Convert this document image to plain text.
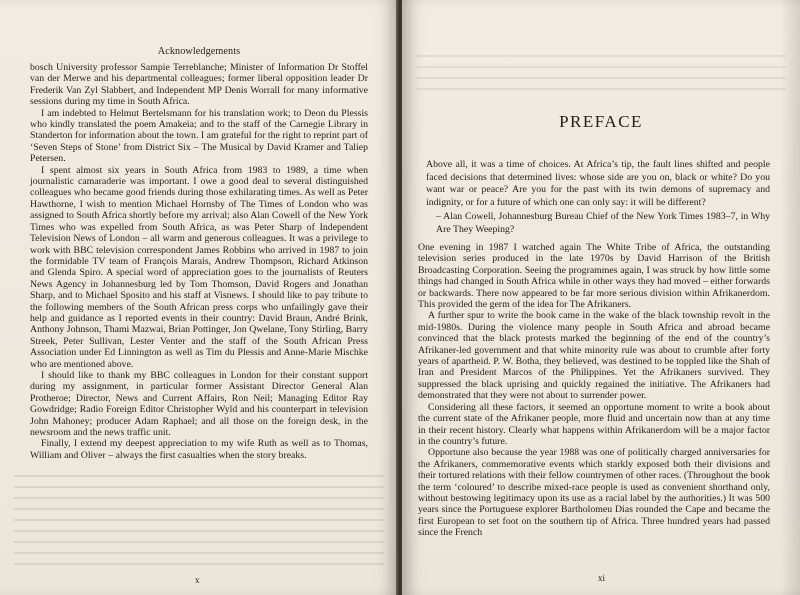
Acknowledgements

bosch University professor Sampie Terreblanche; Minister of Information Dr Stoffel van der Merwe and his departmental colleagues; former liberal opposition leader Dr Frederik Van Zyl Slabbert, and Independent MP Denis Worrall for many informative sessions during my time in South Africa.

I am indebted to Helmut Bertelsmann for his translation work; to Deon du Plessis who kindly translated the poem Amakeia; and to the staff of the Carnegie Library in Standerton for information about the town. I am grateful for the right to reprint part of ‘Seven Steps of Stone’ from District Six – The Musical by David Kramer and Taliep Petersen.

I spent almost six years in South Africa from 1983 to 1989, a time when journalistic camaraderie was important. I owe a good deal to several distinguished colleagues who became good friends during those exhilarating times. As well as Peter Hawthorne, I wish to mention Michael Hornsby of The Times of London who was assigned to South Africa shortly before my arrival; also Alan Cowell of the New York Times who was expelled from South Africa, as was Peter Sharp of Independent Television News of London – all warm and generous colleagues. It was a privilege to work with BBC television correspondent James Robbins who arrived in 1987 to join the formidable TV team of François Marais, Andrew Thompson, Richard Atkinson and Glenda Spiro. A special word of appreciation goes to the journalists of Reuters News Agency in Johannesburg led by Tom Thomson, David Rogers and Jonathan Sharp, and to Michael Sposito and his staff at Visnews. I should like to pay tribute to the following members of the South African press corps who unfailingly gave their help and guidance as I reported events in their country: David Braun, André Brink, Anthony Johnson, Thami Mazwai, Brian Pottinger, Jon Qwelane, Tony Stirling, Barry Streek, Peter Sullivan, Lester Venter and the staff of the South African Press Association under Ed Linnington as well as Tim du Plessis and Anne-Marie Mischke who are mentioned above.

I should like to thank my BBC colleagues in London for their constant support during my assignment, in particular former Assistant Director General Alan Protheroe; Director, News and Current Affairs, Ron Neil; Managing Editor Ray Gowdridge; Radio Foreign Editor Christopher Wyld and his counterpart in television John Mahoney; producer Adam Raphael; and all those on the foreign desk, in the newsroom and the news traffic unit.

Finally, I extend my deepest appreciation to my wife Ruth as well as to Thomas, William and Oliver – always the first casualties when the story breaks.

x
PREFACE

Above all, it was a time of choices. At Africa’s tip, the fault lines shifted and people faced decisions that determined lives: whose side are you on, black or white? Do you want war or peace? Are you for the past with its twin demons of supremacy and indignity, or for a future of which one can only say: it will be different?

– Alan Cowell, Johannesburg Bureau Chief of the New York Times 1983–7, in Why Are They Weeping?

One evening in 1987 I watched again The White Tribe of Africa, the outstanding television series produced in the late 1970s by David Harrison of the British Broadcasting Corporation. Seeing the programmes again, I was struck by how little some things had changed in South Africa while in other ways they had moved – either forwards or backwards. There now appeared to be far more serious division within Afrikanerdom. This provided the germ of the idea for The Afrikaners.

A further spur to write the book came in the wake of the black township revolt in the mid-1980s. During the violence many people in South Africa and abroad became convinced that the black protests marked the beginning of the end of the country’s Afrikaner-led government and that white minority rule was about to crumble after forty years of apartheid. P. W. Botha, they believed, was destined to be toppled like the Shah of Iran and President Marcos of the Philippines. Yet the Afrikaners survived. They suppressed the black uprising and quickly regained the initiative. The Afrikaners had demonstrated that they were not about to surrender power.

Considering all these factors, it seemed an opportune moment to write a book about the current state of the Afrikaner people, more fluid and uncertain now than at any time in their recent history. Clearly what happens within Afrikanerdom will be a major factor in the country’s future.

Opportune also because the year 1988 was one of politically charged anniversaries for the Afrikaners, commemorative events which starkly exposed both their divisions and their tortured relations with their fellow countrymen of other races. (Throughout the book the term ‘coloured’ to describe mixed-race people is used as convenient shorthand only, without bestowing legitimacy upon its use as a racial label by the authorities.) It was 500 years since the Portuguese explorer Bartholomeu Dias rounded the Cape and became the first European to set foot on the southern tip of Africa. Three hundred years had passed since the French

xi
